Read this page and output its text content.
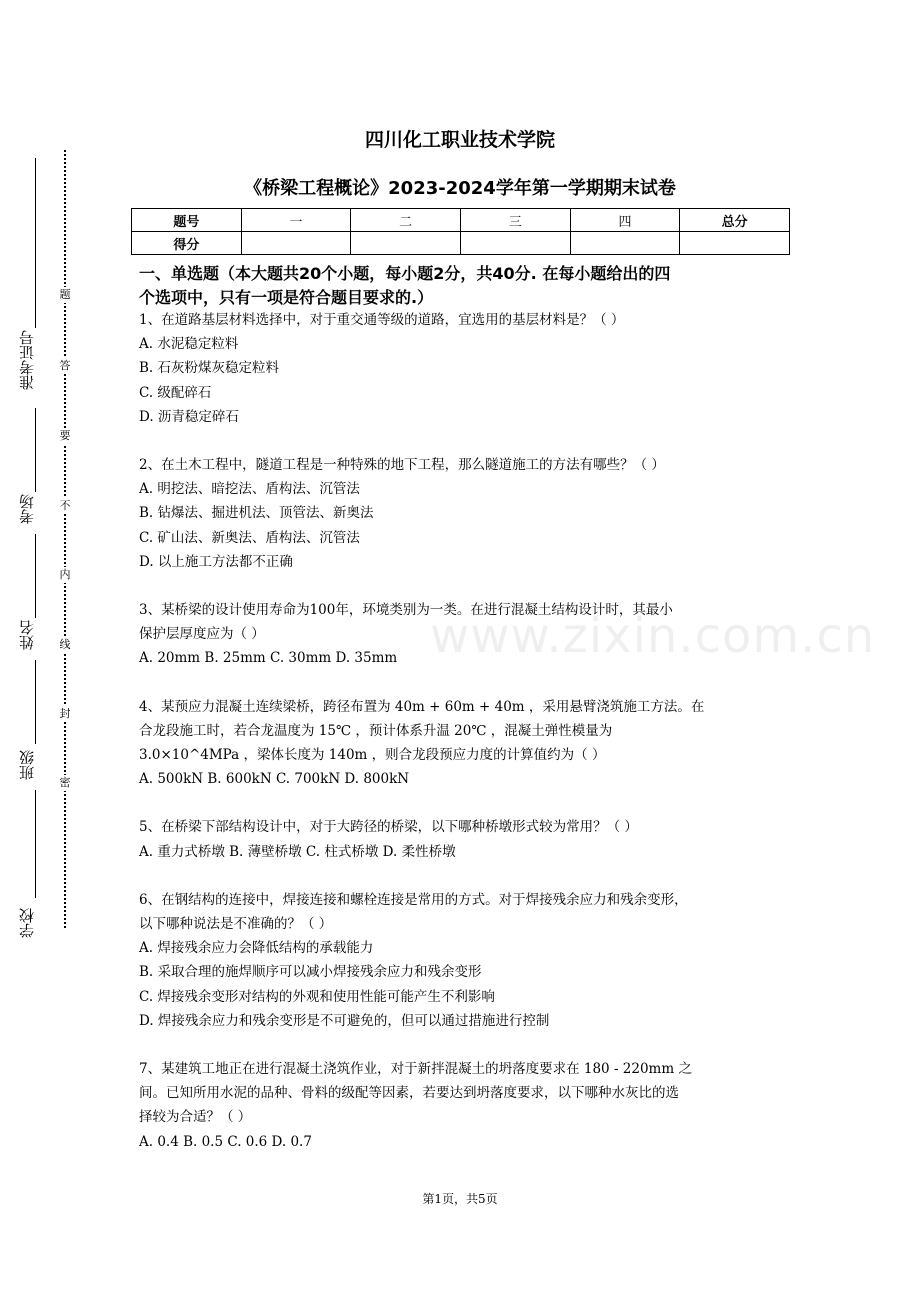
题
答
要
不
内
线
封
密
准考证号
考场
姓名
班级
学校
四川化工职业技术学院
《桥梁工程概论》2023-2024学年第一学期期末试卷
题号	一	二	三	四	总分
得分					
一、单选题（本大题共20个小题，每小题2分，共40分. 在每小题给出的四
个选项中，只有一项是符合题目要求的.）
1、在道路基层材料选择中，对于重交通等级的道路，宜选用的基层材料是？（ ）
A. 水泥稳定粒料
B. 石灰粉煤灰稳定粒料
C. 级配碎石
D. 沥青稳定碎石
2、在土木工程中，隧道工程是一种特殊的地下工程，那么隧道施工的方法有哪些？（ ）
A. 明挖法、暗挖法、盾构法、沉管法
B. 钻爆法、掘进机法、顶管法、新奥法
C. 矿山法、新奥法、盾构法、沉管法
D. 以上施工方法都不正确
3、某桥梁的设计使用寿命为100年，环境类别为一类。在进行混凝土结构设计时，其最小
保护层厚度应为（ ）
A. 20mm B. 25mm C. 30mm D. 35mm
4、某预应力混凝土连续梁桥，跨径布置为 40m + 60m + 40m ，采用悬臂浇筑施工方法。在
合龙段施工时，若合龙温度为 15℃ ，预计体系升温 20℃ ，混凝土弹性模量为
3.0×10^4MPa ，梁体长度为 140m ，则合龙段预应力度的计算值约为（ ）
A. 500kN B. 600kN C. 700kN D. 800kN
5、在桥梁下部结构设计中，对于大跨径的桥梁，以下哪种桥墩形式较为常用？（ ）
A. 重力式桥墩 B. 薄壁桥墩 C. 柱式桥墩 D. 柔性桥墩
6、在钢结构的连接中，焊接连接和螺栓连接是常用的方式。对于焊接残余应力和残余变形，
以下哪种说法是不准确的？（ ）
A. 焊接残余应力会降低结构的承载能力
B. 采取合理的施焊顺序可以减小焊接残余应力和残余变形
C. 焊接残余变形对结构的外观和使用性能可能产生不利影响
D. 焊接残余应力和残余变形是不可避免的，但可以通过措施进行控制
7、某建筑工地正在进行混凝土浇筑作业，对于新拌混凝土的坍落度要求在 180 - 220mm 之
间。已知所用水泥的品种、骨料的级配等因素，若要达到坍落度要求，以下哪种水灰比的选
择较为合适？（ ）
A. 0.4 B. 0.5 C. 0.6 D. 0.7
www.zixin.com.cn
第1页，共5页
